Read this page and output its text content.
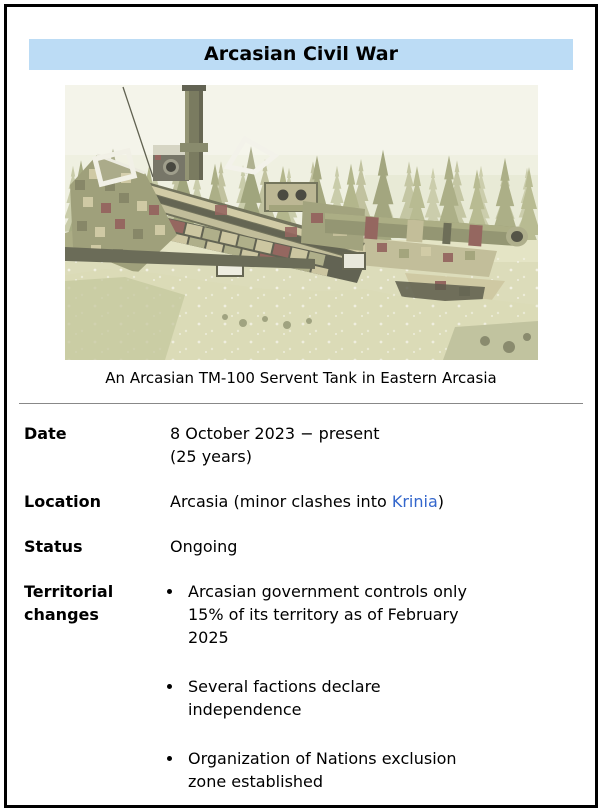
Arcasian Civil War
An Arcasian TM-100 Servent Tank in Eastern Arcasia
Date	8 October 2023 − present
(25 years)
Location	Arcasia (minor clashes into Krinia)
Status	Ongoing
Territorial changes
• Arcasian government controls only
15% of its territory as of February
2025
• Several factions declare
independence
• Organization of Nations exclusion
zone established
